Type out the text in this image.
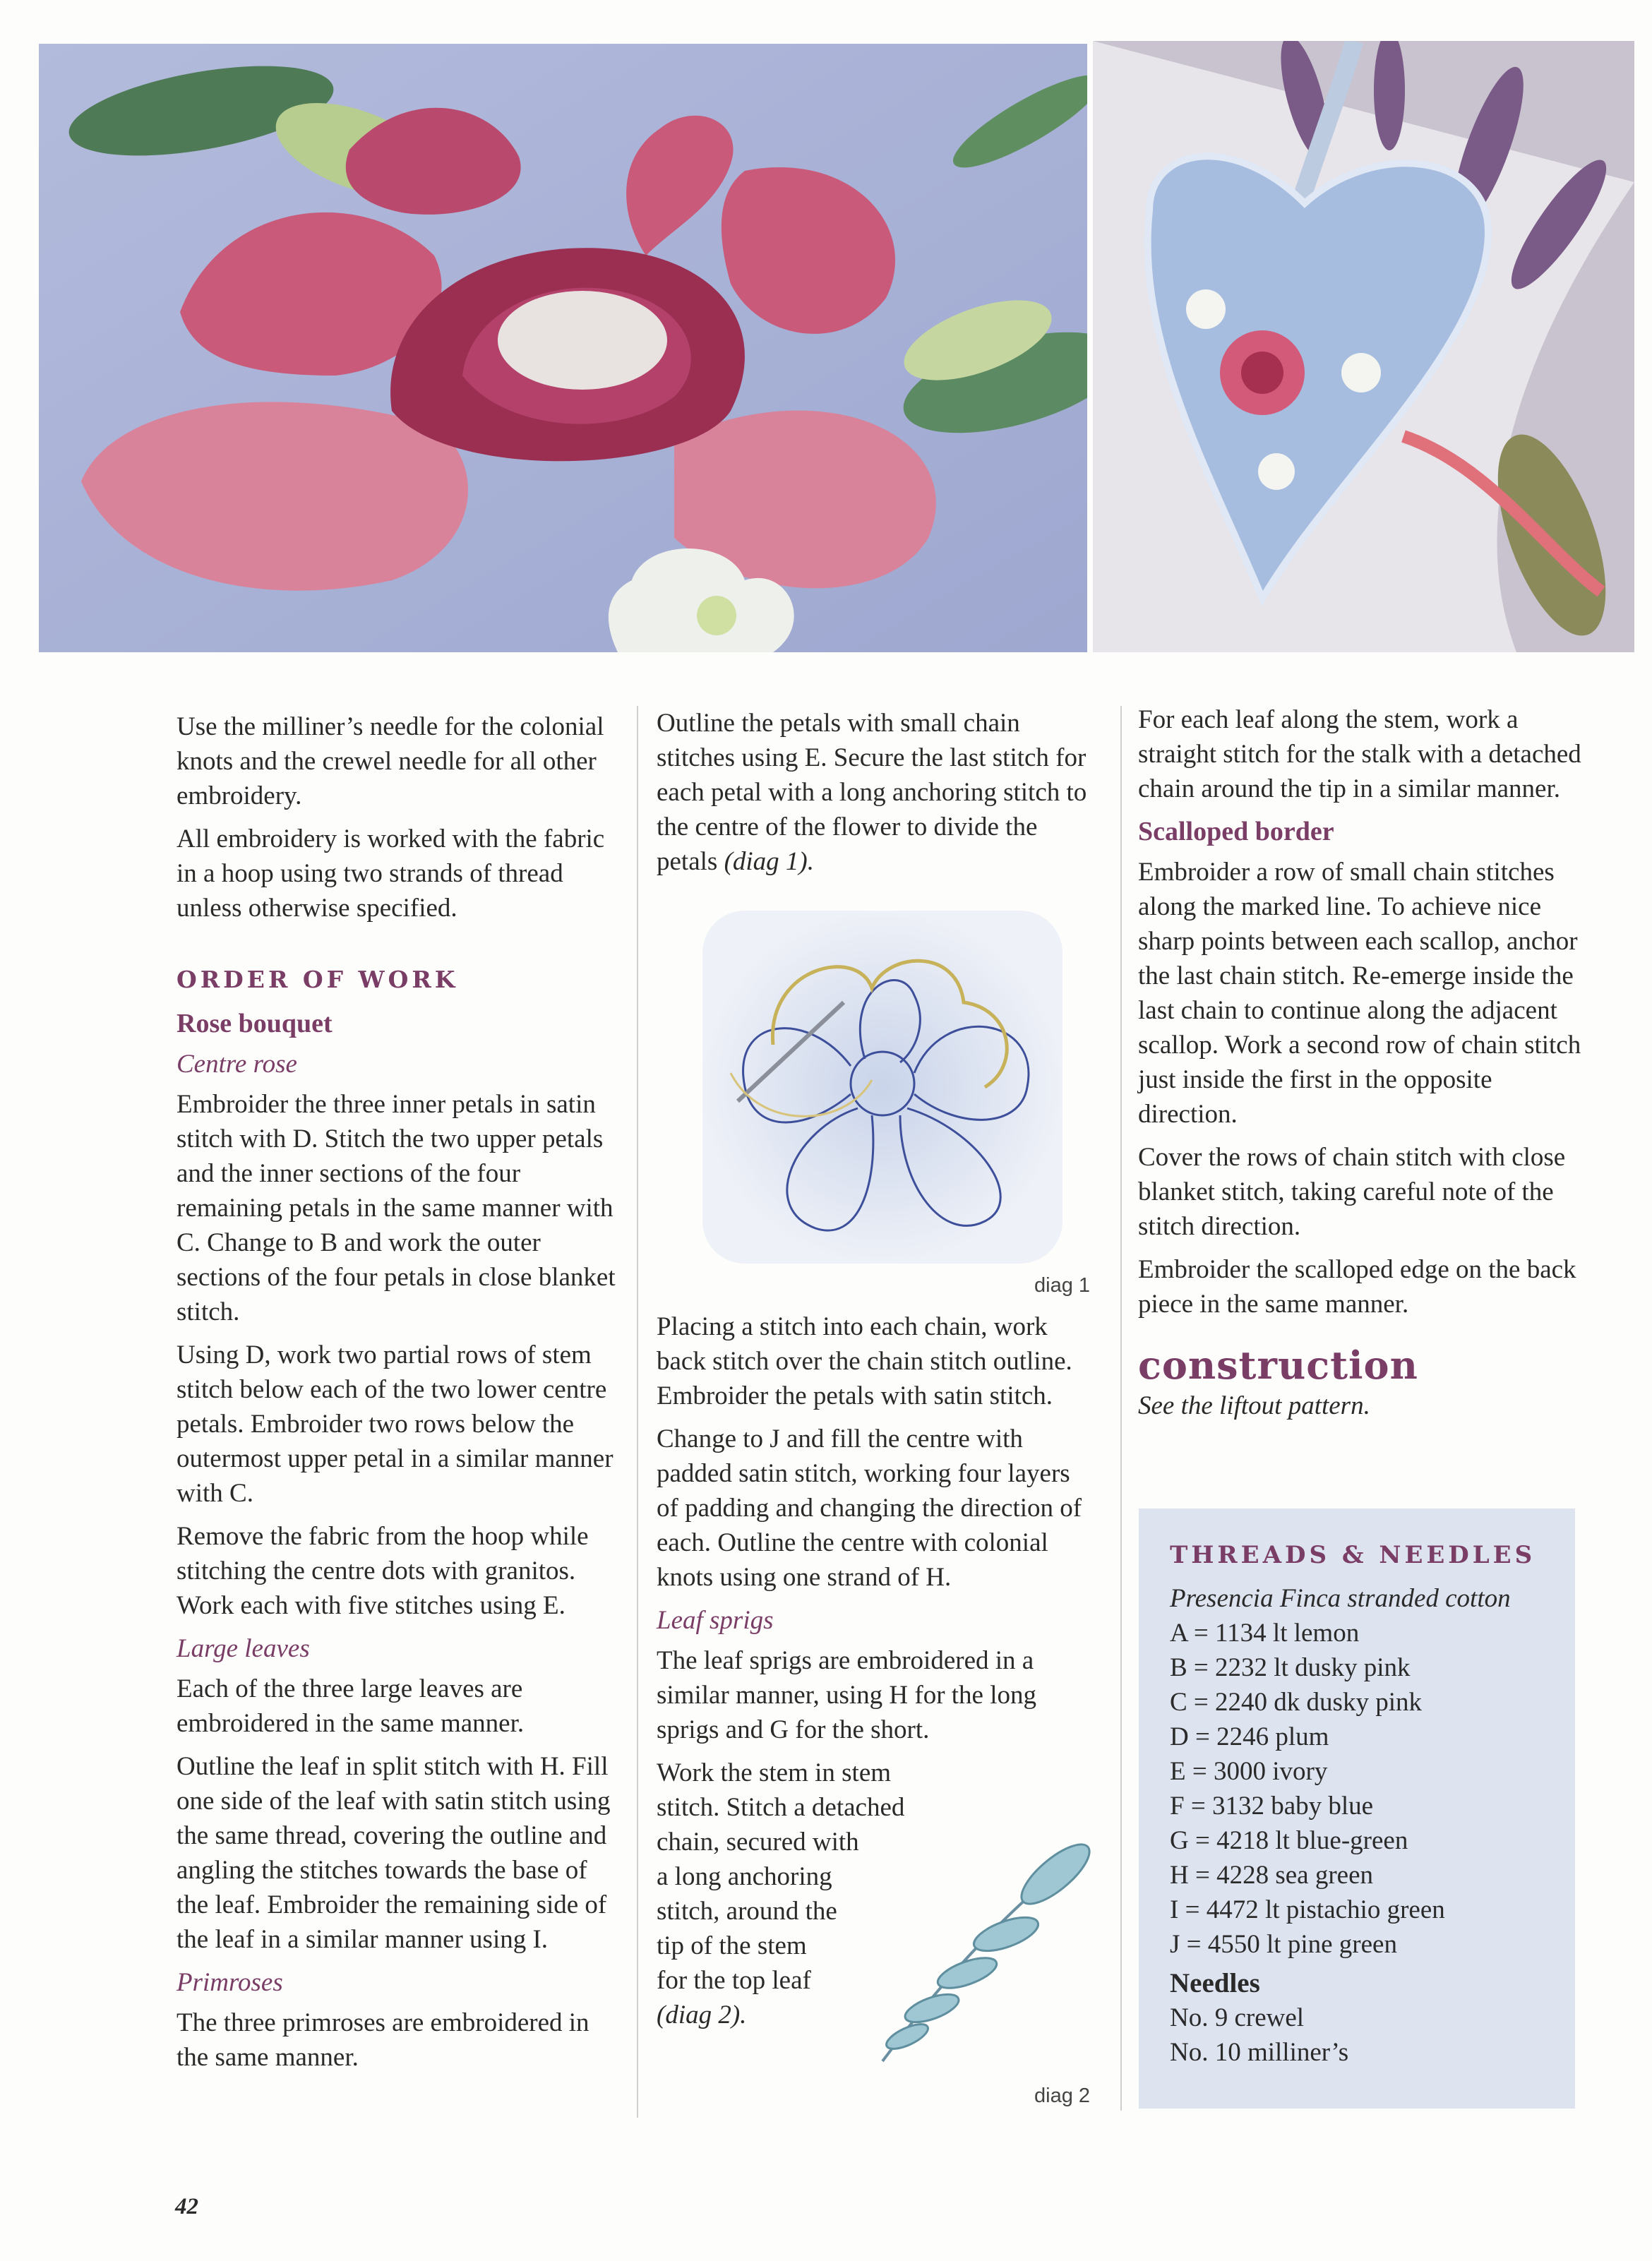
Use the milliner’s needle for the colonial knots and the crewel needle for all other embroidery.

All embroidery is worked with the fabric in a hoop using two strands of thread unless otherwise specified.

ORDER OF WORK
Rose bouquet
Centre rose

Embroider the three inner petals in satin stitch with D. Stitch the two upper petals and the inner sections of the four remaining petals in the same manner with C. Change to B and work the outer sections of the four petals in close blanket stitch.

Using D, work two partial rows of stem stitch below each of the two lower centre petals. Embroider two rows below the outermost upper petal in a similar manner with C.

Remove the fabric from the hoop while stitching the centre dots with granitos. Work each with five stitches using E.

Large leaves

Each of the three large leaves are embroidered in the same manner.

Outline the leaf in split stitch with H. Fill one side of the leaf with satin stitch using the same thread, covering the outline and angling the stitches towards the base of the leaf. Embroider the remaining side of the leaf in a similar manner using I.

Primroses

The three primroses are embroidered in the same manner.

Outline the petals with small chain stitches using E. Secure the last stitch for each petal with a long anchoring stitch to the centre of the flower to divide the petals (diag 1).

diag 1

Placing a stitch into each chain, work back stitch over the chain stitch outline. Embroider the petals with satin stitch.

Change to J and fill the centre with padded satin stitch, working four layers of padding and changing the direction of each. Outline the centre with colonial knots using one strand of H.

Leaf sprigs

The leaf sprigs are embroidered in a similar manner, using H for the long sprigs and G for the short.

Work the stem in stem
stitch. Stitch a detached
chain, secured with
a long anchoring
stitch, around the
tip of the stem
for the top leaf
(diag 2).
diag 2

For each leaf along the stem, work a straight stitch for the stalk with a detached chain around the tip in a similar manner.

Scalloped border

Embroider a row of small chain stitches along the marked line. To achieve nice sharp points between each scallop, anchor the last chain stitch. Re-emerge inside the last chain to continue along the adjacent scallop. Work a second row of chain stitch just inside the first in the opposite direction.

Cover the rows of chain stitch with close blanket stitch, taking careful note of the stitch direction.

Embroider the scalloped edge on the back piece in the same manner.

construction

See the liftout pattern.

THREADS & NEEDLES
Presencia Finca stranded cotton
A = 1134 lt lemon
B = 2232 lt dusky pink
C = 2240 dk dusky pink
D = 2246 plum
E = 3000 ivory
F = 3132 baby blue
G = 4218 lt blue-green
H = 4228 sea green
I = 4472 lt pistachio green
J = 4550 lt pine green
Needles
No. 9 crewel
No. 10 milliner’s
42
